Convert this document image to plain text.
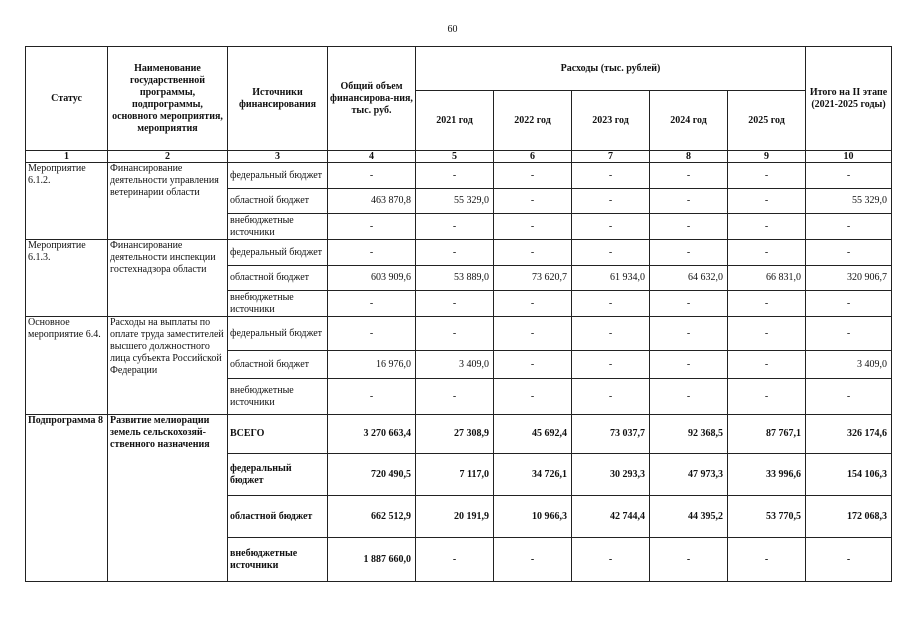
60
Статус	Наименование государственной программы, подпрограммы, основного мероприятия, мероприятия	Источники финансирования	Общий объем финансирова-ния, тыс. руб.	Расходы (тыс. рублей)					Итого на II этапе (2021-2025 годы)
				2021 год	2022 год	2023 год	2024 год	2025 год	
1	2	3	4	5	6	7	8	9	10
Мероприятие 6.1.2.	Финансирование деятельности управления ветеринарии области	федеральный бюджет	-	-	-	-	-	-	-
		областной бюджет	463 870,8	55 329,0	-	-	-	-	55 329,0
		внебюджетные источники	-	-	-	-	-	-	-
Мероприятие 6.1.3.	Финансирование деятельности инспекции гостехнадзора области	федеральный бюджет	-	-	-	-	-	-	-
		областной бюджет	603 909,6	53 889,0	73 620,7	61 934,0	64 632,0	66 831,0	320 906,7
		внебюджетные источники	-	-	-	-	-	-	-
Основное мероприятие 6.4.	Расходы на выплаты по оплате труда заместителей высшего должностного лица субъекта Российской Федерации	федеральный бюджет	-	-	-	-	-	-	-
		областной бюджет	16 976,0	3 409,0	-	-	-	-	3 409,0
		внебюджетные источники	-	-	-	-	-	-	-
Подпрограмма 8	Развитие мелиорации земель сельскохозяй-ственного назначения	ВСЕГО	3 270 663,4	27 308,9	45 692,4	73 037,7	92 368,5	87 767,1	326 174,6
		федеральный бюджет	720 490,5	7 117,0	34 726,1	30 293,3	47 973,3	33 996,6	154 106,3
		областной бюджет	662 512,9	20 191,9	10 966,3	42 744,4	44 395,2	53 770,5	172 068,3
		внебюджетные источники	1 887 660,0	-	-	-	-	-	-
